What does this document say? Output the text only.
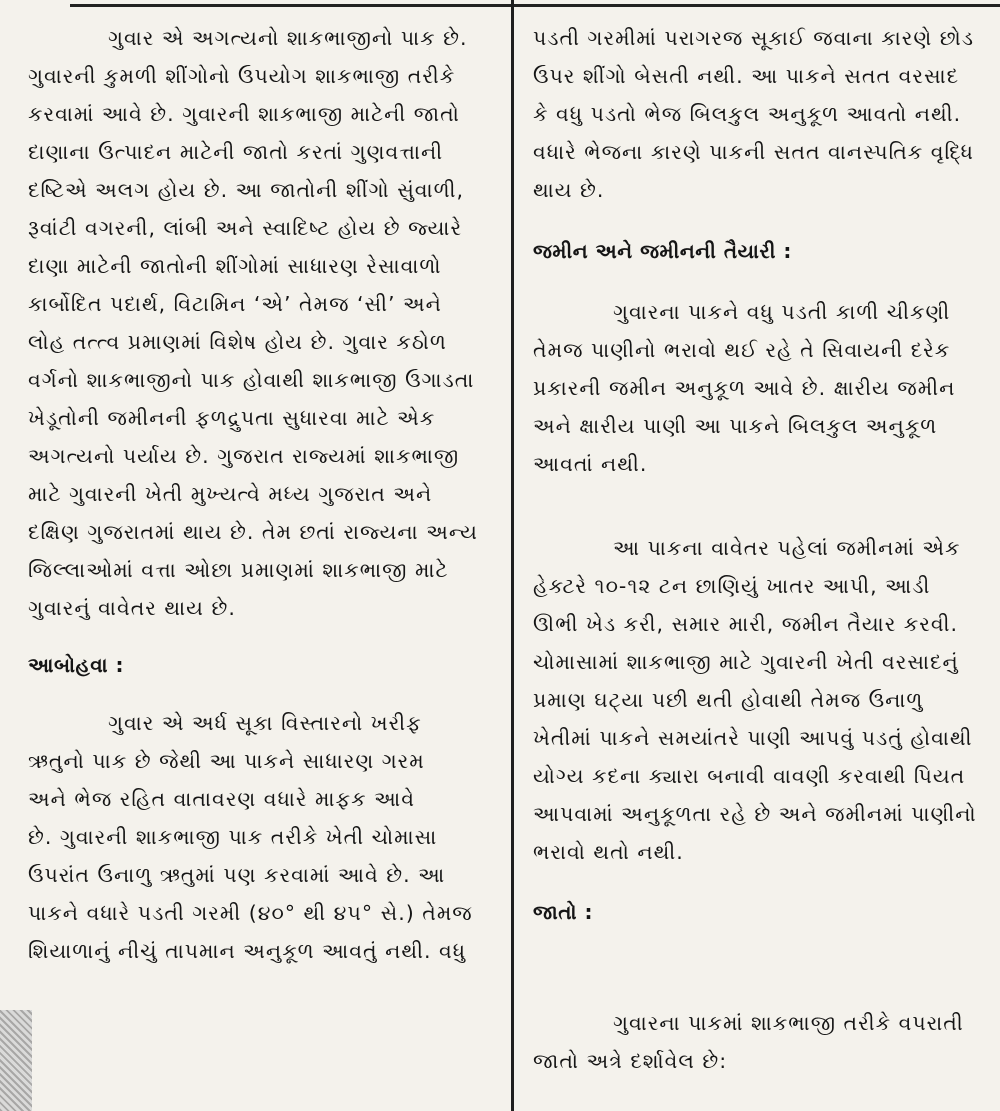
ગુવાર એ અગત્યનો શાકભાજીનો પાક છે.
ગુવારની કુમળી શીંગોનો ઉપયોગ શાકભાજી તરીકે
કરવામાં આવે છે. ગુવારની શાકભાજી માટેની જાતો
દાણાના ઉત્પાદન માટેની જાતો કરતાં ગુણવત્તાની
દષ્ટિએ અલગ હોય છે. આ જાતોની શીંગો સુંવાળી,
રૂવાંટી વગરની, લાંબી અને સ્વાદિષ્ટ હોય છે જ્યારે
દાણા માટેની જાતોની શીંગોમાં સાધારણ રેસાવાળો
કાર્બોદિત પદાર્થ, વિટામિન ‘એ’ તેમજ ‘સી’ અને
લોહ તત્ત્વ પ્રમાણમાં વિશેષ હોય છે. ગુવાર કઠોળ
વર્ગનો શાકભાજીનો પાક હોવાથી શાકભાજી ઉગાડતા
ખેડૂતોની જમીનની ફળદ્રુપતા સુધારવા માટે એક
અગત્યનો પર્યાય છે. ગુજરાત રાજ્યમાં શાકભાજી
માટે ગુવારની ખેતી મુખ્યત્વે મધ્ય ગુજરાત અને
દક્ષિણ ગુજરાતમાં થાય છે. તેમ છતાં રાજ્યના અન્ય
જિલ્લાઓમાં વત્તા ઓછા પ્રમાણમાં શાકભાજી માટે
ગુવારનું વાવેતર થાય છે.
આબોહવા :
ગુવાર એ અર્ધ સૂકા વિસ્તારનો ખરીફ
ઋતુનો પાક છે જેથી આ પાકને સાધારણ ગરમ
અને ભેજ રહિત વાતાવરણ વધારે માફક આવે
છે. ગુવારની શાકભાજી પાક તરીકે ખેતી ચોમાસા
ઉપરાંત ઉનાળુ ઋતુમાં પણ કરવામાં આવે છે. આ
પાકને વધારે પડતી ગરમી (૪૦° થી ૪૫° સે.) તેમજ
શિયાળાનું નીચું તાપમાન અનુકૂળ આવતું નથી. વધુ
પડતી ગરમીમાં પરાગરજ સૂકાઈ જવાના કારણે છોડ
ઉપર શીંગો બેસતી નથી. આ પાકને સતત વરસાદ
કે વધુ પડતો ભેજ બિલકુલ અનુકૂળ આવતો નથી.
વધારે ભેજના કારણે પાકની સતત વાનસ્પતિક વૃદ્ધિ
થાય છે.
જમીન અને જમીનની તૈયારી :
ગુવારના પાકને વધુ પડતી કાળી ચીકણી
તેમજ પાણીનો ભરાવો થઈ રહે તે સિવાયની દરેક
પ્રકારની જમીન અનુકૂળ આવે છે. ક્ષારીય જમીન
અને ક્ષારીય પાણી આ પાકને બિલકુલ અનુકૂળ
આવતાં નથી.
આ પાકના વાવેતર પહેલાં જમીનમાં એક
હેક્ટરે ૧૦-૧૨ ટન છાણિયું ખાતર આપી, આડી
ઊભી ખેડ કરી, સમાર મારી, જમીન તૈયાર કરવી.
ચોમાસામાં શાકભાજી માટે ગુવારની ખેતી વરસાદનું
પ્રમાણ ઘટ્યા પછી થતી હોવાથી તેમજ ઉનાળુ
ખેતીમાં પાકને સમયાંતરે પાણી આપવું પડતું હોવાથી
યોગ્ય કદના ક્યારા બનાવી વાવણી કરવાથી પિયત
આપવામાં અનુકૂળતા રહે છે અને જમીનમાં પાણીનો
ભરાવો થતો નથી.
જાતો :
ગુવારના પાકમાં શાકભાજી તરીકે વપરાતી
જાતો અત્રે દર્શાવેલ છે:
